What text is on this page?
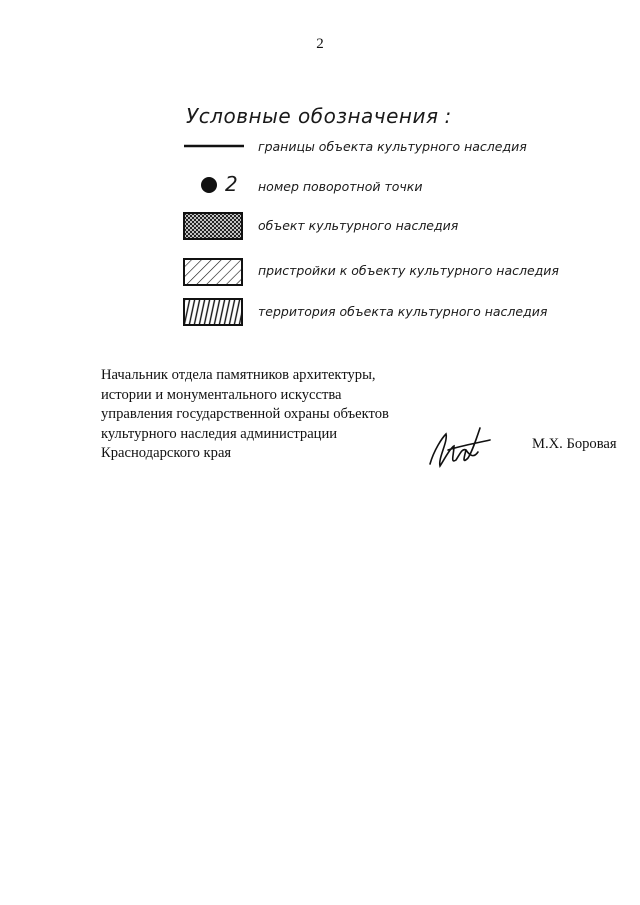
2
Условные обозначения :
границы объекта культурного наследия
2 номер поворотной точки
объект культурного наследия
пристройки к объекту культурного наследия
территория объекта культурного наследия
Начальник отдела памятников архитектуры,
истории и монументального искусства
управления государственной охраны объектов
культурного наследия администрации
Краснодарского края
М.Х. Боровая
